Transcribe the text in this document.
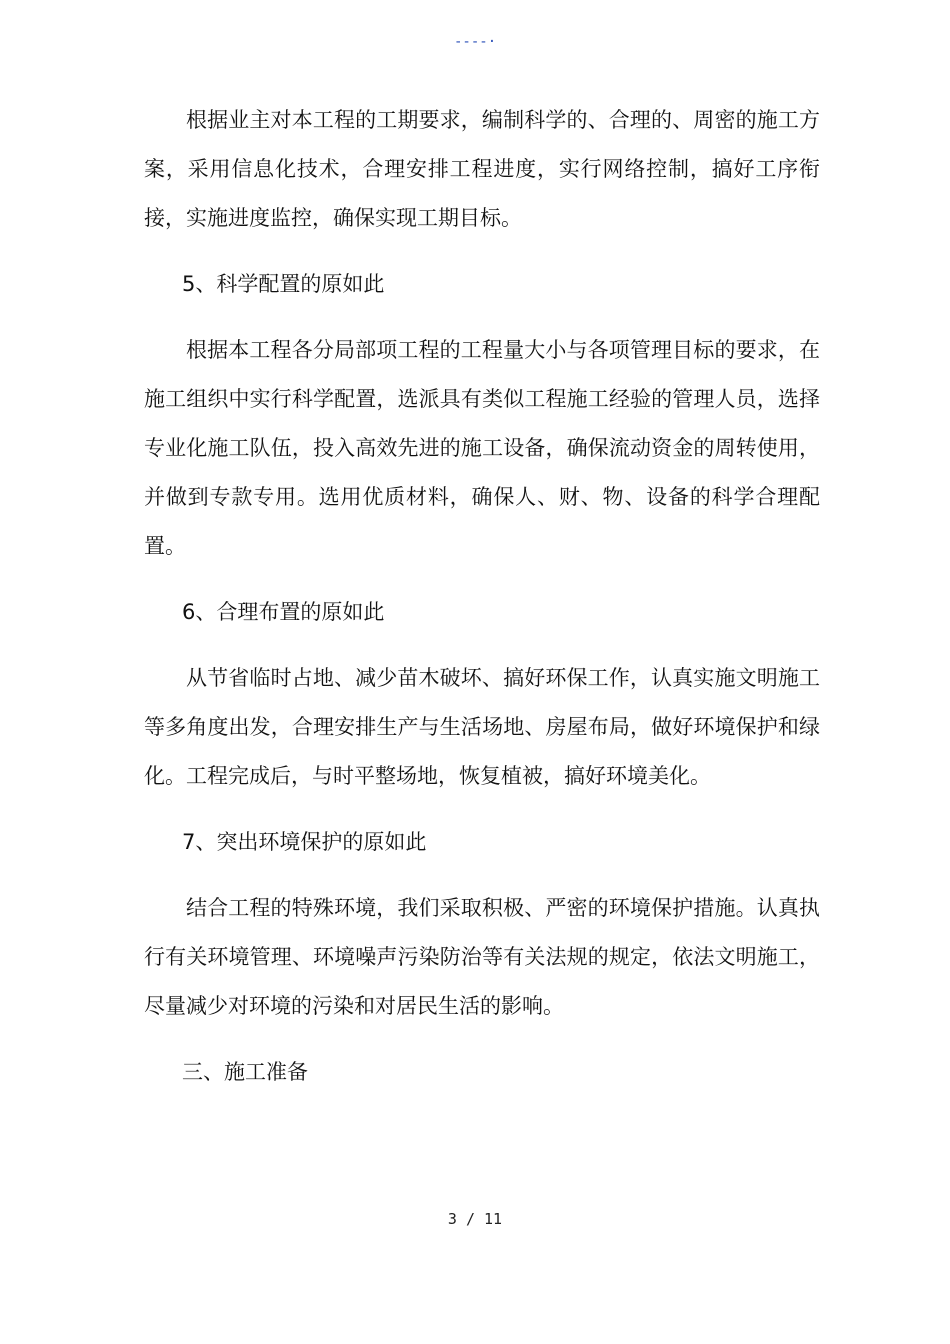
----·

根据业主对本工程的工期要求，编制科学的、合理的、周密的施工方案，采用信息化技术，合理安排工程进度，实行网络控制，搞好工序衔接，实施进度监控，确保实现工期目标。

5、科学配置的原如此

根据本工程各分局部项工程的工程量大小与各项管理目标的要求，在施工组织中实行科学配置，选派具有类似工程施工经验的管理人员，选择专业化施工队伍，投入高效先进的施工设备，确保流动资金的周转使用，并做到专款专用。选用优质材料，确保人、财、物、设备的科学合理配置。

6、合理布置的原如此

从节省临时占地、减少苗木破坏、搞好环保工作，认真实施文明施工等多角度出发，合理安排生产与生活场地、房屋布局，做好环境保护和绿化。工程完成后，与时平整场地，恢复植被，搞好环境美化。

7、突出环境保护的原如此

结合工程的特殊环境，我们采取积极、严密的环境保护措施。认真执行有关环境管理、环境噪声污染防治等有关法规的规定，依法文明施工，尽量减少对环境的污染和对居民生活的影响。

三、施工准备

3 / 11
